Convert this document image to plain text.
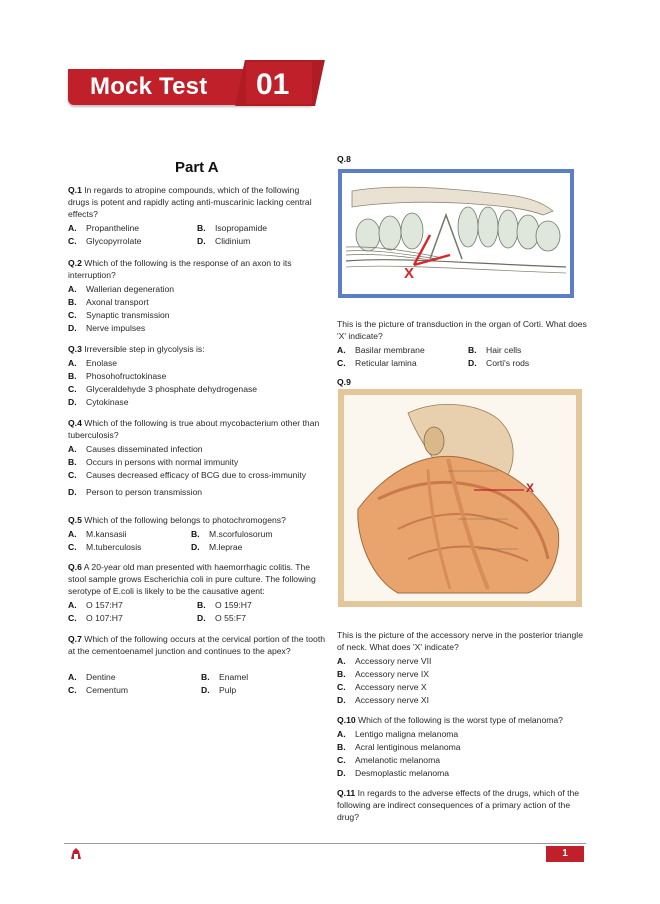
Mock Test 01
Part A
Q.1 In regards to atropine compounds, which of the following drugs is potent and rapidly acting anti-muscarinic lacking central effects?
A. Propantheline	B. Isopropamide
C. Glycopyrrolate	D. Clidinium
Q.2 Which of the following is the response of an axon to its interruption?
A. Wallerian degeneration
B. Axonal transport
C. Synaptic transmission
D. Nerve impulses
Q.3 Irreversible step in glycolysis is:
A. Enolase
B. Phosohofructokinase
C. Glyceraldehyde 3 phosphate dehydrogenase
D. Cytokinase
Q.4 Which of the following is true about mycobacterium other than tuberculosis?
A. Causes disseminated infection
B. Occurs in persons with normal immunity
C. Causes decreased efficacy of BCG due to cross-immunity
D. Person to person transmission
Q.5 Which of the following belongs to photochromogens?
A. M.kansasii	B. M.scorfulosorum
C. M.tuberculosis	D. M.leprae
Q.6 A 20-year old man presented with haemorrhagic colitis. The stool sample grows Escherichia coli in pure culture. The following serotype of E.coli is likely to be the causative agent:
A. O 157:H7	B. O 159:H7
C. O 107:H7	D. O 55:F7
Q.7 Which of the following occurs at the cervical portion of the tooth at the cementoenamel junction and continues to the apex?
A. Dentine	B. Enamel
C. Cementum	D. Pulp
Q.8
X
This is the picture of transduction in the organ of Corti. What does 'X' indicate?
A. Basilar membrane	B. Hair cells
C. Reticular lamina	D. Corti's rods
Q.9
X
This is the picture of the accessory nerve in the posterior triangle of neck. What does 'X' indicate?
A. Accessory nerve VII
B. Accessory nerve IX
C. Accessory nerve X
D. Accessory nerve XI
Q.10 Which of the following is the worst type of melanoma?
A. Lentigo maligna melanoma
B. Acral lentiginous melanoma
C. Amelanotic melanoma
D. Desmoplastic melanoma
Q.11 In regards to the adverse effects of the drugs, which of the following are indirect consequences of a primary action of the drug?
1
